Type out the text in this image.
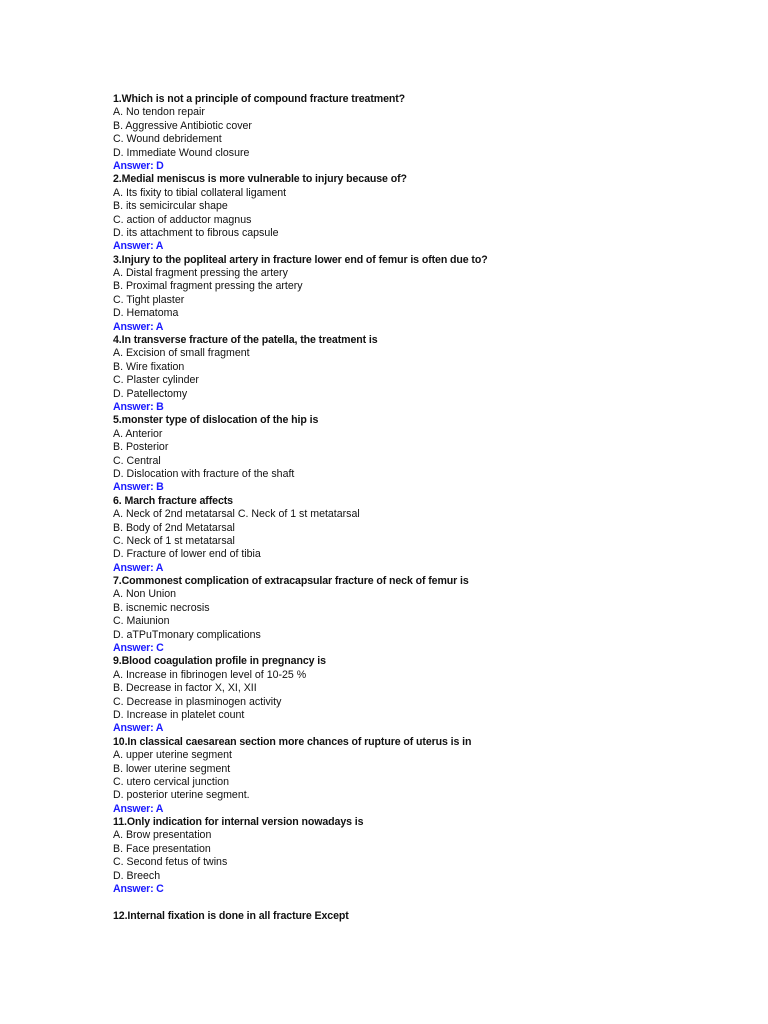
1.Which is not a principle of compound fracture treatment?
A. No tendon repair
B. Aggressive Antibiotic cover
C. Wound debridement
D. Immediate Wound closure
Answer: D
2.Medial meniscus is more vulnerable to injury because of?
A. Its fixity to tibial collateral ligament
B. its semicircular shape
C. action of adductor magnus
D. its attachment to fibrous capsule
Answer: A
3.Injury to the popliteal artery in fracture lower end of femur is often due to?
A. Distal fragment pressing the artery
B. Proximal fragment pressing the artery
C. Tight plaster
D. Hematoma
Answer: A
4.In transverse fracture of the patella, the treatment is
A. Excision of small fragment
B. Wire fixation
C. Plaster cylinder
D. Patellectomy
Answer: B
5.monster type of dislocation of the hip is
A. Anterior
B. Posterior
C. Central
D. Dislocation with fracture of the shaft
Answer: B
6. March fracture affects
A. Neck of 2nd metatarsal C. Neck of 1 st metatarsal
B. Body of 2nd Metatarsal
C. Neck of 1 st metatarsal
D. Fracture of lower end of tibia
Answer: A
7.Commonest complication of extracapsular fracture of neck of femur is
A. Non Union
B. iscnemic necrosis
C. Maiunion
D. aTPuTmonary complications
Answer: C
9.Blood coagulation profile in pregnancy is
A. Increase in fibrinogen level of 10-25 %
B. Decrease in factor X, XI, XII
C. Decrease in plasminogen activity
D. Increase in platelet count
Answer: A
10.In classical caesarean section more chances of rupture of uterus is in
A. upper uterine segment
B. lower uterine segment
C. utero cervical junction
D. posterior uterine segment.
Answer: A
11.Only indication for internal version nowadays is
A. Brow presentation
B. Face presentation
C. Second fetus of twins
D. Breech
Answer: C
12.Internal fixation is done in all fracture Except
